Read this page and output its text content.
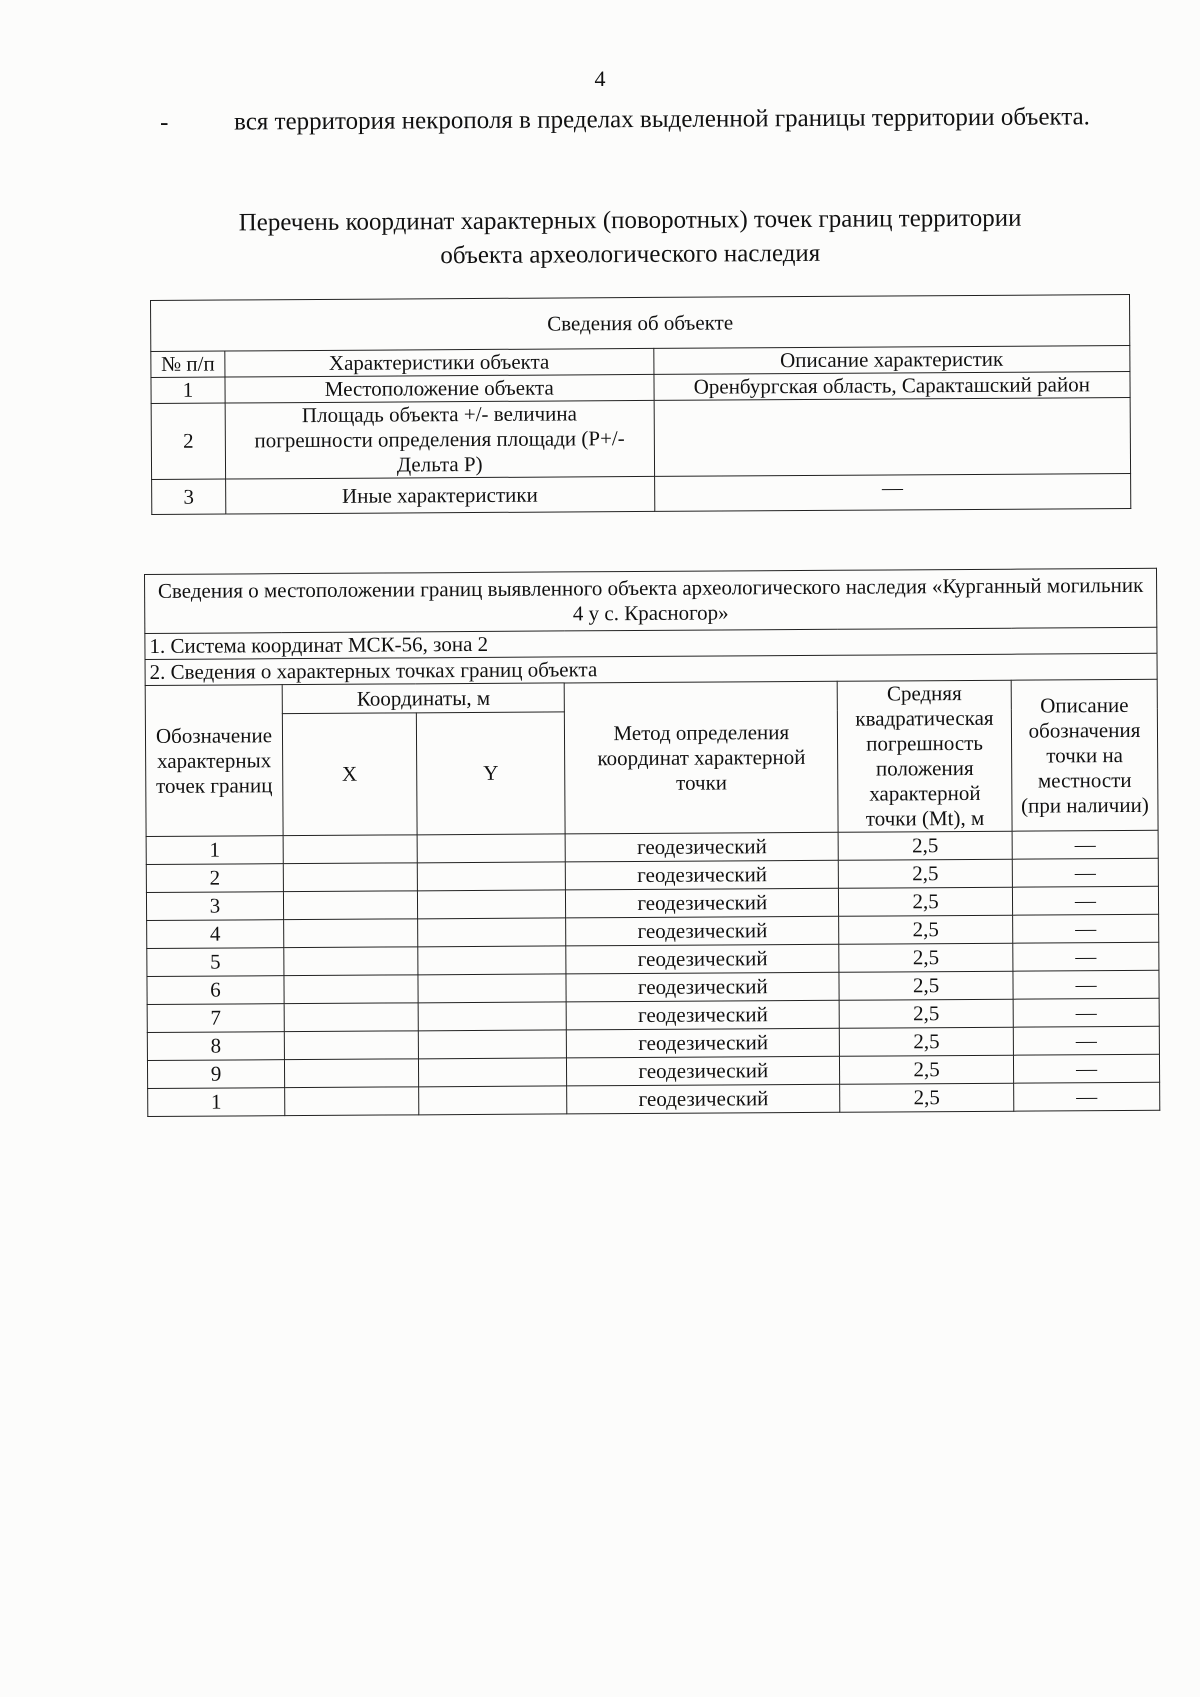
4
-	вся территория некрополя в пределах выделенной границы территории объекта.
Перечень координат характерных (поворотных) точек границ территории
объекта археологического наследия
Сведения об объекте		
№ п/п	Характеристики объекта	Описание характеристик
1	Местоположение объекта	Оренбургская область, Саракташский район
2	Площадь объекта +/- величина погрешности определения площади (Р+/- Дельта Р)	
3	Иные характеристики	—
Сведения о местоположении границ выявленного объекта археологического наследия «Курганный могильник 4 у с. Красногор»					
1. Система координат МСК-56, зона 2					
2. Сведения о характерных точках границ объекта					
Обозначение характерных точек границ	Координаты, м		Метод определения координат характерной точки	Средняя квадратическая погрешность положения характерной точки (Mt), м	Описание обозначения точки на местности (при наличии)
	X	Y			
1			геодезический	2,5	—
2			геодезический	2,5	—
3			геодезический	2,5	—
4			геодезический	2,5	—
5			геодезический	2,5	—
6			геодезический	2,5	—
7			геодезический	2,5	—
8			геодезический	2,5	—
9			геодезический	2,5	—
1			геодезический	2,5	—
